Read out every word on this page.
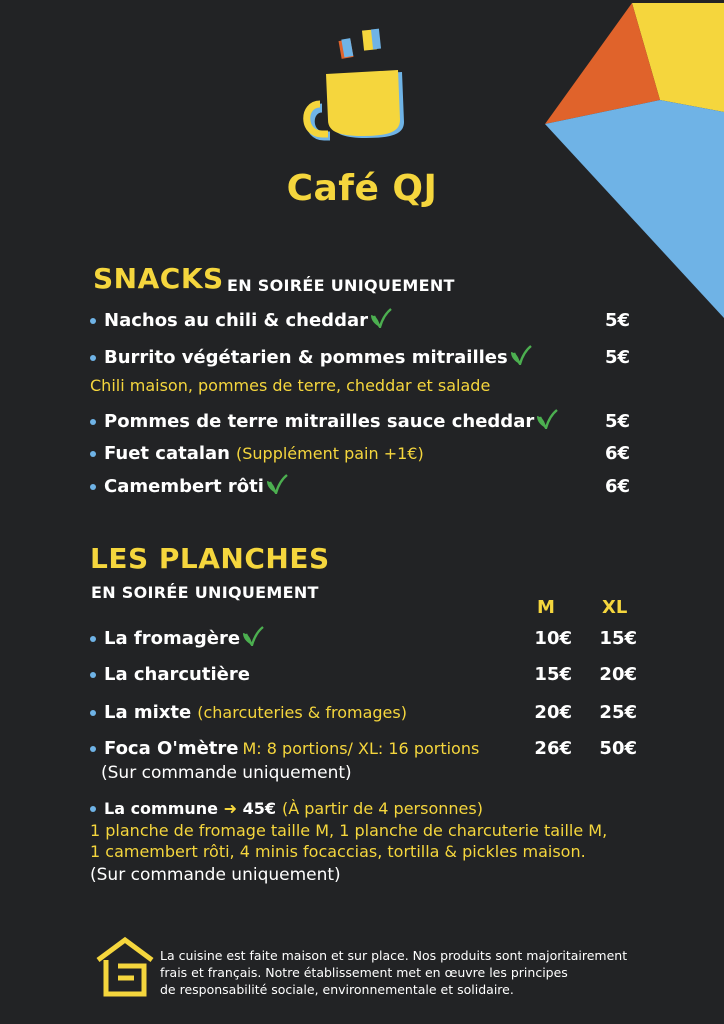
Café QJ
SNACKS EN SOIRÉE UNIQUEMENT
Nachos au chili & cheddar	5€
Burrito végétarien & pommes mitrailles	5€
Chili maison, pommes de terre, cheddar et salade
Pommes de terre mitrailles sauce cheddar	5€
Fuet catalan (Supplément pain +1€)	6€
Camembert rôti	6€
LES PLANCHES
EN SOIRÉE UNIQUEMENT
M	XL
La fromagère	10€	15€
La charcutière	15€	20€
La mixte (charcuteries & fromages)	20€	25€
Foca O'mètre M: 8 portions/ XL: 16 portions	26€	50€
(Sur commande uniquement)
La commune ➜ 45€ (À partir de 4 personnes)
1 planche de fromage taille M, 1 planche de charcuterie taille M,
1 camembert rôti, 4 minis focaccias, tortilla & pickles maison.
(Sur commande uniquement)
La cuisine est faite maison et sur place. Nos produits sont majoritairement
frais et français. Notre établissement met en œuvre les principes
de responsabilité sociale, environnementale et solidaire.
